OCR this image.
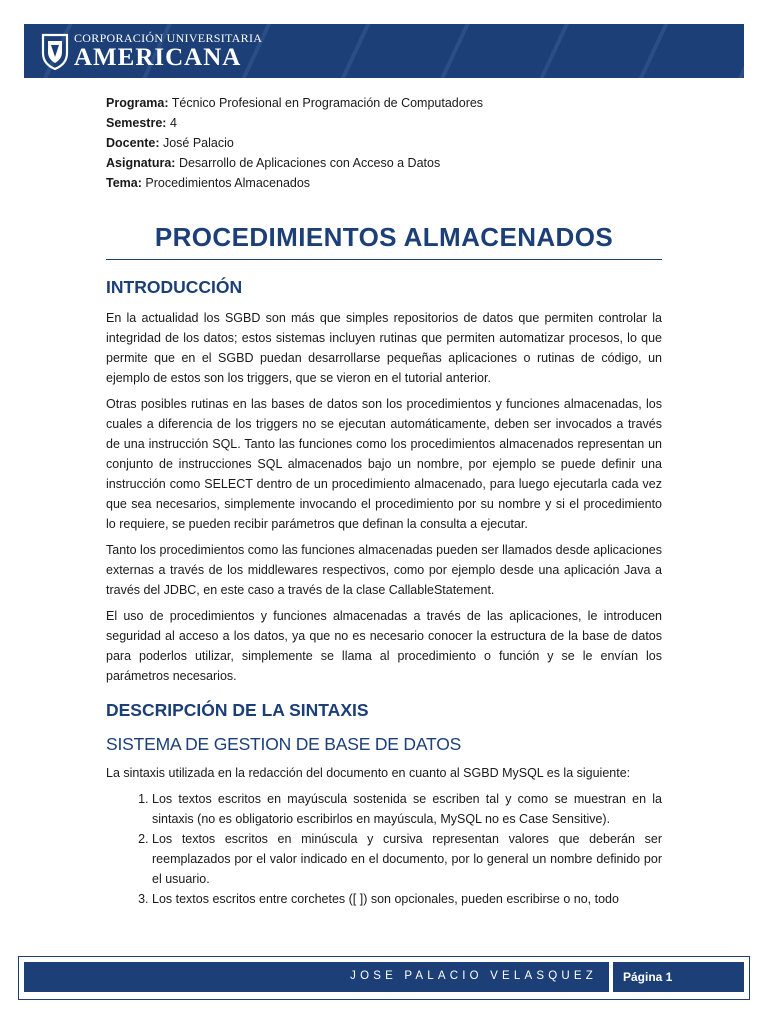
CORPORACIÓN UNIVERSITARIA
AMERICANA
Programa: Técnico Profesional en Programación de Computadores
Semestre: 4
Docente: José Palacio
Asignatura: Desarrollo de Aplicaciones con Acceso a Datos
Tema: Procedimientos Almacenados
PROCEDIMIENTOS ALMACENADOS
INTRODUCCIÓN

En la actualidad los SGBD son más que simples repositorios de datos que permiten controlar la integridad de los datos; estos sistemas incluyen rutinas que permiten automatizar procesos, lo que permite que en el SGBD puedan desarrollarse pequeñas aplicaciones o rutinas de código, un ejemplo de estos son los triggers, que se vieron en el tutorial anterior.

Otras posibles rutinas en las bases de datos son los procedimientos y funciones almacenadas, los cuales a diferencia de los triggers no se ejecutan automáticamente, deben ser invocados a través de una instrucción SQL. Tanto las funciones como los procedimientos almacenados representan un conjunto de instrucciones SQL almacenados bajo un nombre, por ejemplo se puede definir una instrucción como SELECT dentro de un procedimiento almacenado, para luego ejecutarla cada vez que sea necesarios, simplemente invocando el procedimiento por su nombre y si el procedimiento lo requiere, se pueden recibir parámetros que definan la consulta a ejecutar.

Tanto los procedimientos como las funciones almacenadas pueden ser llamados desde aplicaciones externas a través de los middlewares respectivos, como por ejemplo desde una aplicación Java a través del JDBC, en este caso a través de la clase CallableStatement.

El uso de procedimientos y funciones almacenadas a través de las aplicaciones, le introducen seguridad al acceso a los datos, ya que no es necesario conocer la estructura de la base de datos para poderlos utilizar, simplemente se llama al procedimiento o función y se le envían los parámetros necesarios.

DESCRIPCIÓN DE LA SINTAXIS
SISTEMA DE GESTION DE BASE DE DATOS

La sintaxis utilizada en la redacción del documento en cuanto al SGBD MySQL es la siguiente:

1. Los textos escritos en mayúscula sostenida se escriben tal y como se muestran en la sintaxis (no es obligatorio escribirlos en mayúscula, MySQL no es Case Sensitive).
2. Los textos escritos en minúscula y cursiva representan valores que deberán ser reemplazados por el valor indicado en el documento, por lo general un nombre definido por el usuario.
3. Los textos escritos entre corchetes ([ ]) son opcionales, pueden escribirse o no, todo
JOSE PALACIO VELASQUEZ Página 1
